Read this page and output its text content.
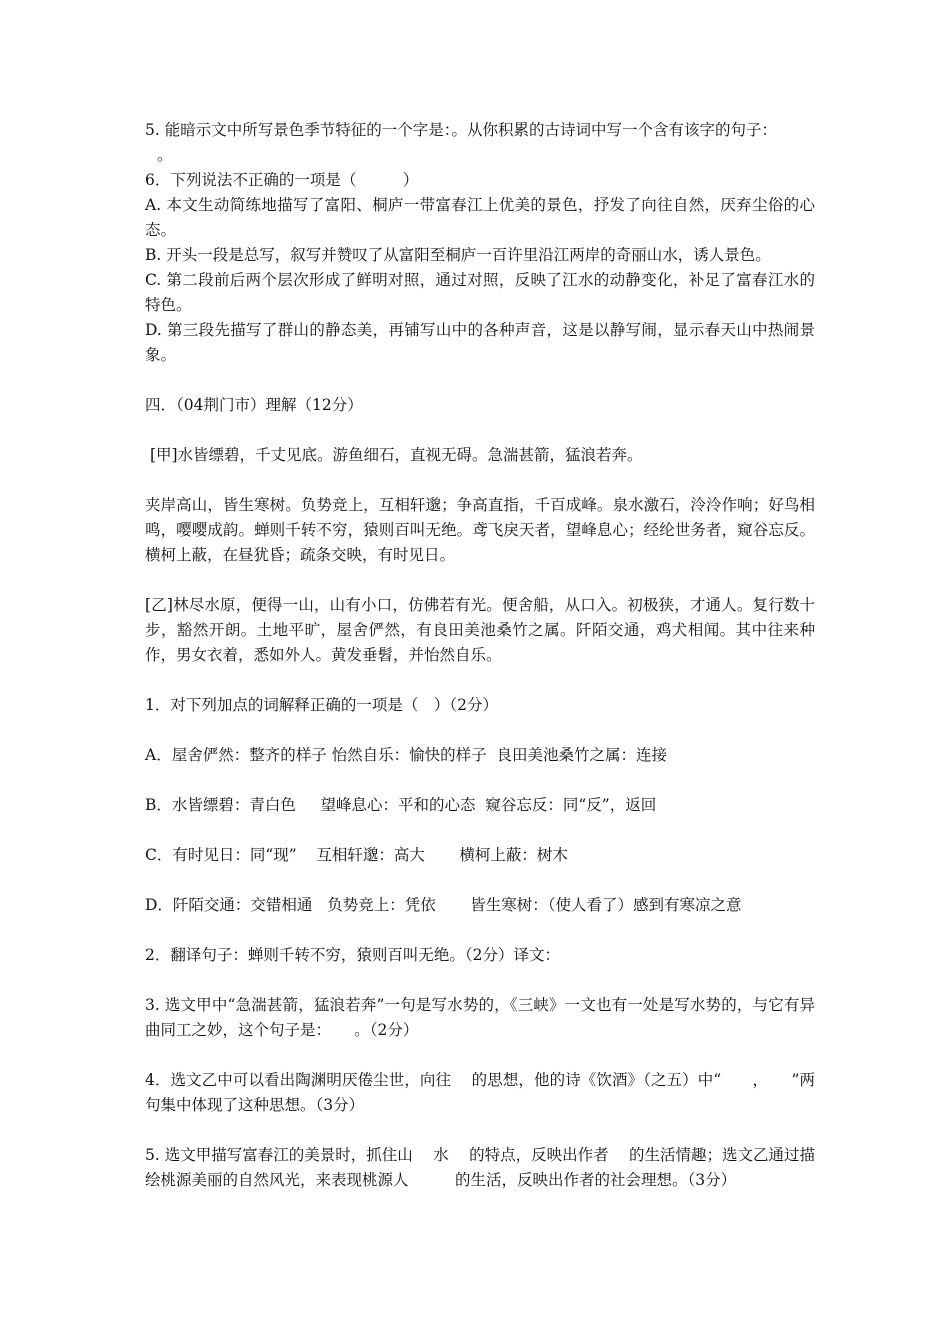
5. 能暗示文中所写景色季节特征的一个字是：。从你积累的古诗词中写一个含有该字的句子：

。

6．下列说法不正确的一项是（　　　）

A. 本文生动简练地描写了富阳、桐庐一带富春江上优美的景色，抒发了向往自然，厌弃尘俗的心态。

B. 开头一段是总写，叙写并赞叹了从富阳至桐庐一百许里沿江两岸的奇丽山水，诱人景色。

C. 第二段前后两个层次形成了鲜明对照，通过对照，反映了江水的动静变化，补足了富春江水的特色。

D. 第三段先描写了群山的静态美，再铺写山中的各种声音，这是以静写闹，显示春天山中热闹景象。

四．（04荆门市）理解（12分）

[甲]水皆缥碧，千丈见底。游鱼细石，直视无碍。急湍甚箭，猛浪若奔。

夹岸高山，皆生寒树。负势竞上，互相轩邈；争高直指，千百成峰。泉水激石，泠泠作响；好鸟相鸣，嘤嘤成韵。蝉则千转不穷，猿则百叫无绝。鸢飞戾天者，望峰息心；经纶世务者，窥谷忘反。横柯上蔽，在昼犹昏；疏条交映，有时见日。

[乙]林尽水原，便得一山，山有小口，仿佛若有光。便舍船，从口入。初极狭，才通人。复行数十步，豁然开朗。土地平旷，屋舍俨然，有良田美池桑竹之属。阡陌交通，鸡犬相闻。其中往来种作，男女衣着，悉如外人。黄发垂髫，并怡然自乐。

1．对下列加点的词解释正确的一项是（　）（2分）

A．屋舍俨然：整齐的样子 怡然自乐：愉快的样子  良田美池桑竹之属：连接

B．水皆缥碧：青白色     望峰息心：平和的心态  窥谷忘反：同“反”，返回

C．有时见日：同“现”    互相轩邈：高大       横柯上蔽：树木

D．阡陌交通：交错相通   负势竞上：凭依       皆生寒树：（使人看了）感到有寒凉之意

2．翻译句子：蝉则千转不穷，猿则百叫无绝。（2分）译文：

3. 选文甲中“急湍甚箭，猛浪若奔”一句是写水势的，《三峡》一文也有一处是写水势的，与它有异曲同工之妙，这个句子是：　　。（2分）

4．选文乙中可以看出陶渊明厌倦尘世，向往　 的思想，他的诗《饮酒》（之五）中“　　，　　”两句集中体现了这种思想。（3分）

5. 选文甲描写富春江的美景时，抓住山　 水　 的特点，反映出作者　 的生活情趣；选文乙通过描绘桃源美丽的自然风光，来表现桃源人　　　的生活，反映出作者的社会理想。（3分）
